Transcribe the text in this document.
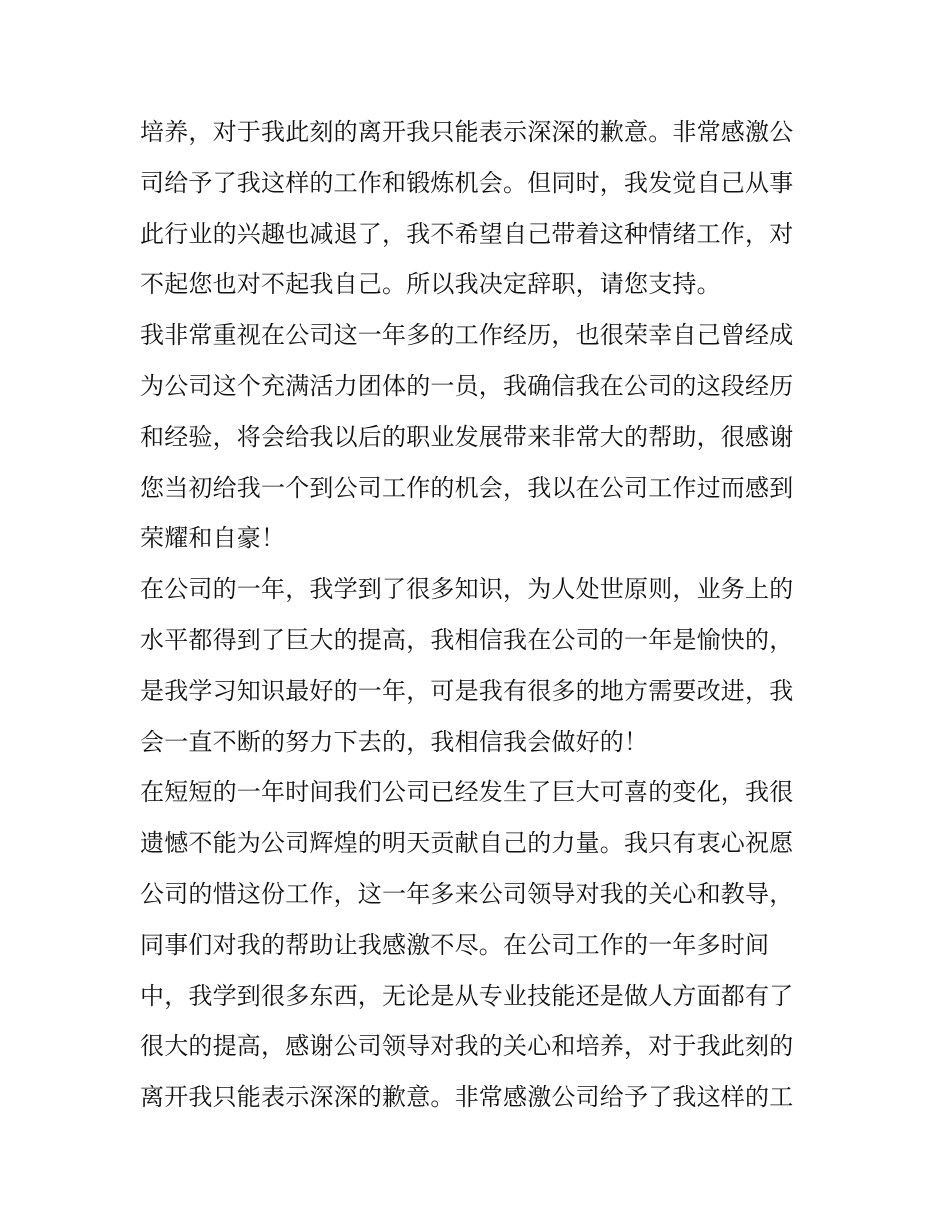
培养，对于我此刻的离开我只能表示深深的歉意。非常感激公
司给予了我这样的工作和锻炼机会。但同时，我发觉自己从事
此行业的兴趣也减退了，我不希望自己带着这种情绪工作，对
不起您也对不起我自己。所以我决定辞职，请您支持。
我非常重视在公司这一年多的工作经历，也很荣幸自己曾经成
为公司这个充满活力团体的一员，我确信我在公司的这段经历
和经验，将会给我以后的职业发展带来非常大的帮助，很感谢
您当初给我一个到公司工作的机会，我以在公司工作过而感到
荣耀和自豪！
在公司的一年，我学到了很多知识，为人处世原则，业务上的
水平都得到了巨大的提高，我相信我在公司的一年是愉快的，
是我学习知识最好的一年，可是我有很多的地方需要改进，我
会一直不断的努力下去的，我相信我会做好的！
在短短的一年时间我们公司已经发生了巨大可喜的变化，我很
遗憾不能为公司辉煌的明天贡献自己的力量。我只有衷心祝愿
公司的惜这份工作，这一年多来公司领导对我的关心和教导，
同事们对我的帮助让我感激不尽。在公司工作的一年多时间
中，我学到很多东西，无论是从专业技能还是做人方面都有了
很大的提高，感谢公司领导对我的关心和培养，对于我此刻的
离开我只能表示深深的歉意。非常感激公司给予了我这样的工
